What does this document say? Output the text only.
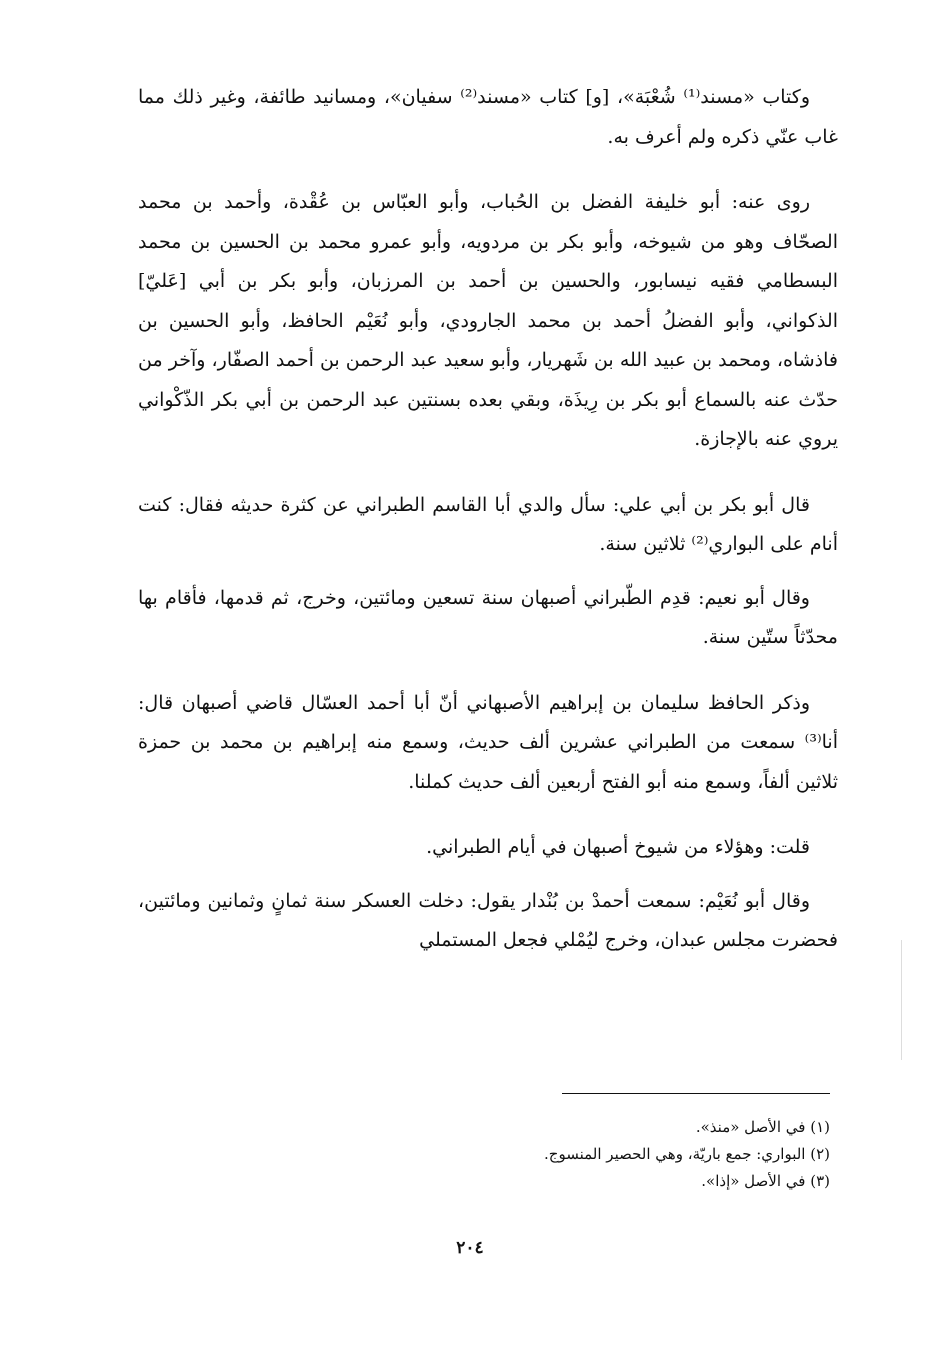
وكتاب «مسند⁽¹⁾ شُعْبَة»، [و] كتاب «مسند⁽²⁾ سفيان»، ومسانيد طائفة، وغير ذلك مما غاب عنّي ذكره ولم أعرف به.

روى عنه: أبو خليفة الفضل بن الحُباب، وأبو العبّاس بن عُقْدة، وأحمد بن محمد الصحّاف وهو من شيوخه، وأبو بكر بن مردويه، وأبو عمرو محمد بن الحسين بن محمد البسطامي فقيه نيسابور، والحسين بن أحمد بن المرزبان، وأبو بكر بن أبي [عَليّ] الذكواني، وأبو الفضلُ أحمد بن محمد الجارودي، وأبو نُعَيْم الحافظ، وأبو الحسين بن فاذشاه، ومحمد بن عبيد الله بن شَهريار، وأبو سعيد عبد الرحمن بن أحمد الصفّار، وآخر من حدّث عنه بالسماع أبو بكر بن رِيذَة، وبقي بعده بسنتين عبد الرحمن بن أبي بكر الذّكْواني يروي عنه بالإجازة.

قال أبو بكر بن أبي علي: سأل والدي أبا القاسم الطبراني عن كثرة حديثه فقال: كنت أنام على البواري⁽²⁾ ثلاثين سنة.

وقال أبو نعيم: قدِم الطّبراني أصبهان سنة تسعين ومائتين، وخرج، ثم قدمها، فأقام بها محدّثاً ستّين سنة.

وذكر الحافظ سليمان بن إبراهيم الأصبهاني أنّ أبا أحمد العسّال قاضي أصبهان قال: أنا⁽³⁾ سمعت من الطبراني عشرين ألف حديث، وسمع منه إبراهيم بن محمد بن حمزة ثلاثين ألفاً، وسمع منه أبو الفتح أربعين ألف حديث كملنا.

قلت: وهؤلاء من شيوخ أصبهان في أيام الطبراني.

وقال أبو نُعَيْم: سمعت أحمدْ بن بُنْدار يقول: دخلت العسكر سنة ثمانٍ وثمانين ومائتين، فحضرت مجلس عبدان، وخرج ليُمْلي فجعل المستملي

(١) في الأصل «منذ».

(٢) البواري: جمع باريّة، وهي الحصير المنسوج.

(٣) في الأصل «إذا».

٢٠٤
